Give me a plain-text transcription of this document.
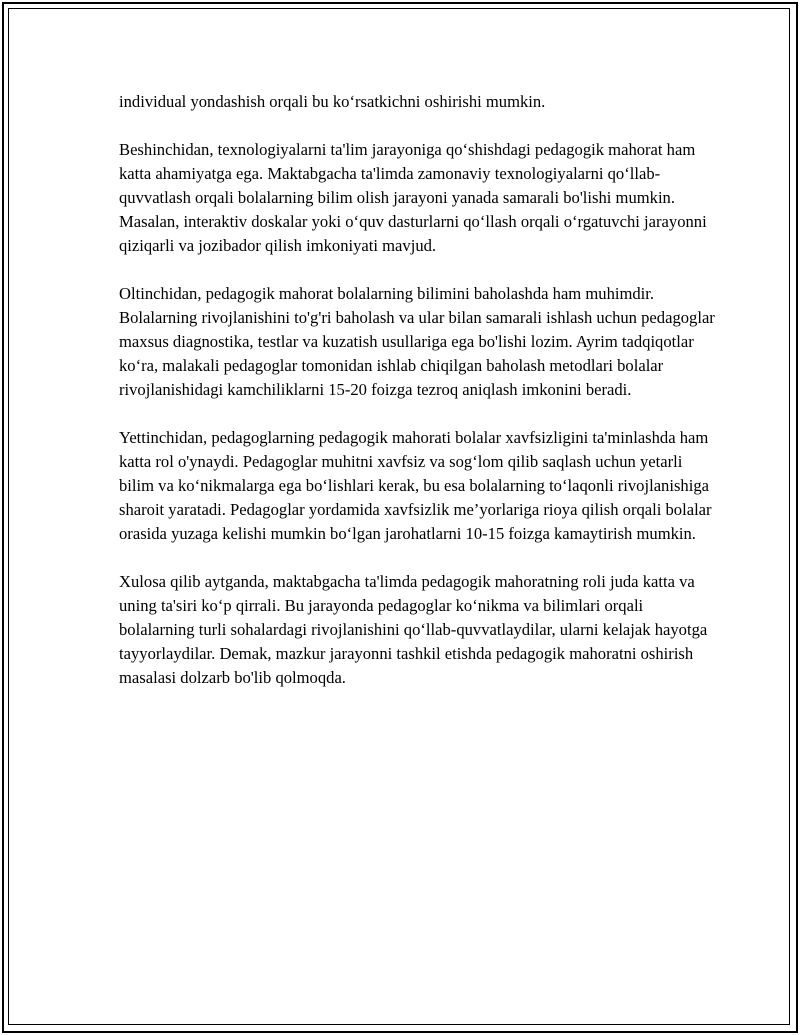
individual yondashish orqali bu ko‘rsatkichni oshirishi mumkin.

Beshinchidan, texnologiyalarni ta'lim jarayoniga qo‘shishdagi pedagogik mahorat ham katta ahamiyatga ega. Maktabgacha ta'limda zamonaviy texnologiyalarni qo‘llab-quvvatlash orqali bolalarning bilim olish jarayoni yanada samarali bo'lishi mumkin. Masalan, interaktiv doskalar yoki o‘quv dasturlarni qo‘llash orqali o‘rgatuvchi jarayonni qiziqarli va jozibador qilish imkoniyati mavjud.

Oltinchidan, pedagogik mahorat bolalarning bilimini baholashda ham muhimdir. Bolalarning rivojlanishini to'g'ri baholash va ular bilan samarali ishlash uchun pedagoglar maxsus diagnostika, testlar va kuzatish usullariga ega bo'lishi lozim. Ayrim tadqiqotlar ko‘ra, malakali pedagoglar tomonidan ishlab chiqilgan baholash metodlari bolalar rivojlanishidagi kamchiliklarni 15-20 foizga tezroq aniqlash imkonini beradi.

Yettinchidan, pedagoglarning pedagogik mahorati bolalar xavfsizligini ta'minlashda ham katta rol o'ynaydi. Pedagoglar muhitni xavfsiz va sog‘lom qilib saqlash uchun yetarli bilim va ko‘nikmalarga ega bo‘lishlari kerak, bu esa bolalarning to‘laqonli rivojlanishiga sharoit yaratadi. Pedagoglar yordamida xavfsizlik me’yorlariga rioya qilish orqali bolalar orasida yuzaga kelishi mumkin bo‘lgan jarohatlarni 10-15 foizga kamaytirish mumkin.

Xulosa qilib aytganda, maktabgacha ta'limda pedagogik mahoratning roli juda katta va uning ta'siri ko‘p qirrali. Bu jarayonda pedagoglar ko‘nikma va bilimlari orqali bolalarning turli sohalardagi rivojlanishini qo‘llab-quvvatlaydilar, ularni kelajak hayotga tayyorlaydilar. Demak, mazkur jarayonni tashkil etishda pedagogik mahoratni oshirish masalasi dolzarb bo'lib qolmoqda.
